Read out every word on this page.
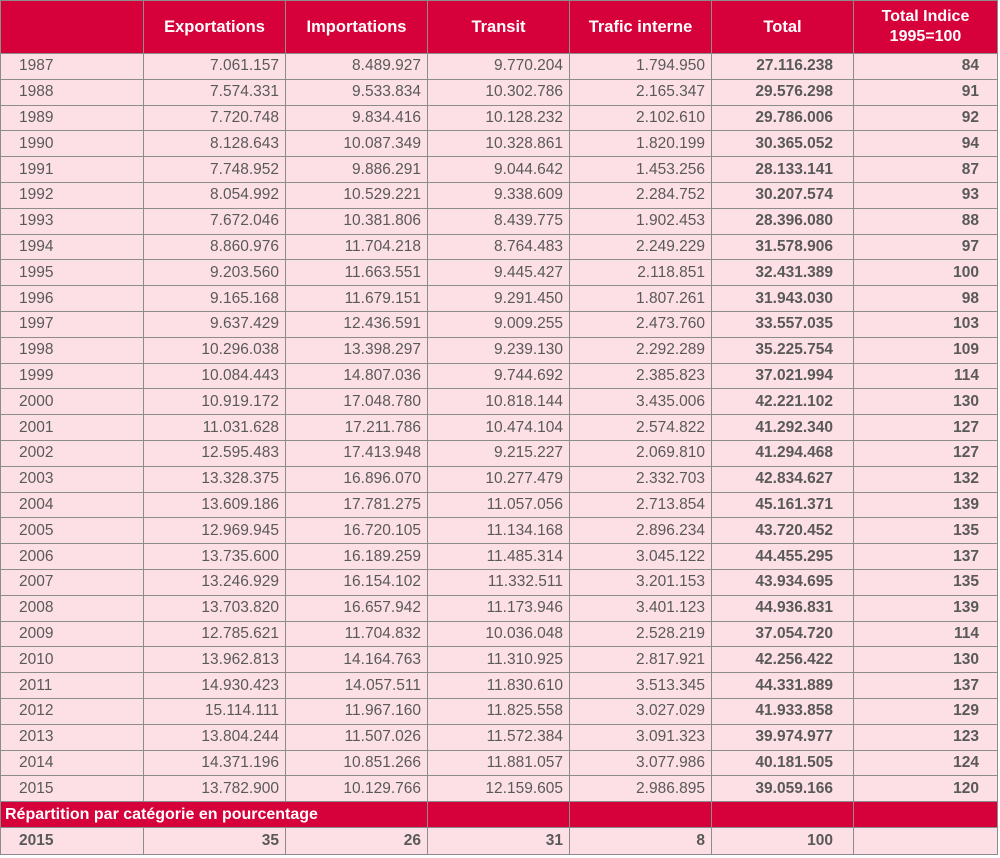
	Exportations	Importations	Transit	Trafic interne	Total	Total Indice
1995=100
1987	7.061.157	8.489.927	9.770.204	1.794.950	27.116.238	84
1988	7.574.331	9.533.834	10.302.786	2.165.347	29.576.298	91
1989	7.720.748	9.834.416	10.128.232	2.102.610	29.786.006	92
1990	8.128.643	10.087.349	10.328.861	1.820.199	30.365.052	94
1991	7.748.952	9.886.291	9.044.642	1.453.256	28.133.141	87
1992	8.054.992	10.529.221	9.338.609	2.284.752	30.207.574	93
1993	7.672.046	10.381.806	8.439.775	1.902.453	28.396.080	88
1994	8.860.976	11.704.218	8.764.483	2.249.229	31.578.906	97
1995	9.203.560	11.663.551	9.445.427	2.118.851	32.431.389	100
1996	9.165.168	11.679.151	9.291.450	1.807.261	31.943.030	98
1997	9.637.429	12.436.591	9.009.255	2.473.760	33.557.035	103
1998	10.296.038	13.398.297	9.239.130	2.292.289	35.225.754	109
1999	10.084.443	14.807.036	9.744.692	2.385.823	37.021.994	114
2000	10.919.172	17.048.780	10.818.144	3.435.006	42.221.102	130
2001	11.031.628	17.211.786	10.474.104	2.574.822	41.292.340	127
2002	12.595.483	17.413.948	9.215.227	2.069.810	41.294.468	127
2003	13.328.375	16.896.070	10.277.479	2.332.703	42.834.627	132
2004	13.609.186	17.781.275	11.057.056	2.713.854	45.161.371	139
2005	12.969.945	16.720.105	11.134.168	2.896.234	43.720.452	135
2006	13.735.600	16.189.259	11.485.314	3.045.122	44.455.295	137
2007	13.246.929	16.154.102	11.332.511	3.201.153	43.934.695	135
2008	13.703.820	16.657.942	11.173.946	3.401.123	44.936.831	139
2009	12.785.621	11.704.832	10.036.048	2.528.219	37.054.720	114
2010	13.962.813	14.164.763	11.310.925	2.817.921	42.256.422	130
2011	14.930.423	14.057.511	11.830.610	3.513.345	44.331.889	137
2012	15.114.111	11.967.160	11.825.558	3.027.029	41.933.858	129
2013	13.804.244	11.507.026	11.572.384	3.091.323	39.974.977	123
2014	14.371.196	10.851.266	11.881.057	3.077.986	40.181.505	124
2015	13.782.900	10.129.766	12.159.605	2.986.895	39.059.166	120
Répartition par catégorie en pourcentage						
2015	35	26	31	8	100	
